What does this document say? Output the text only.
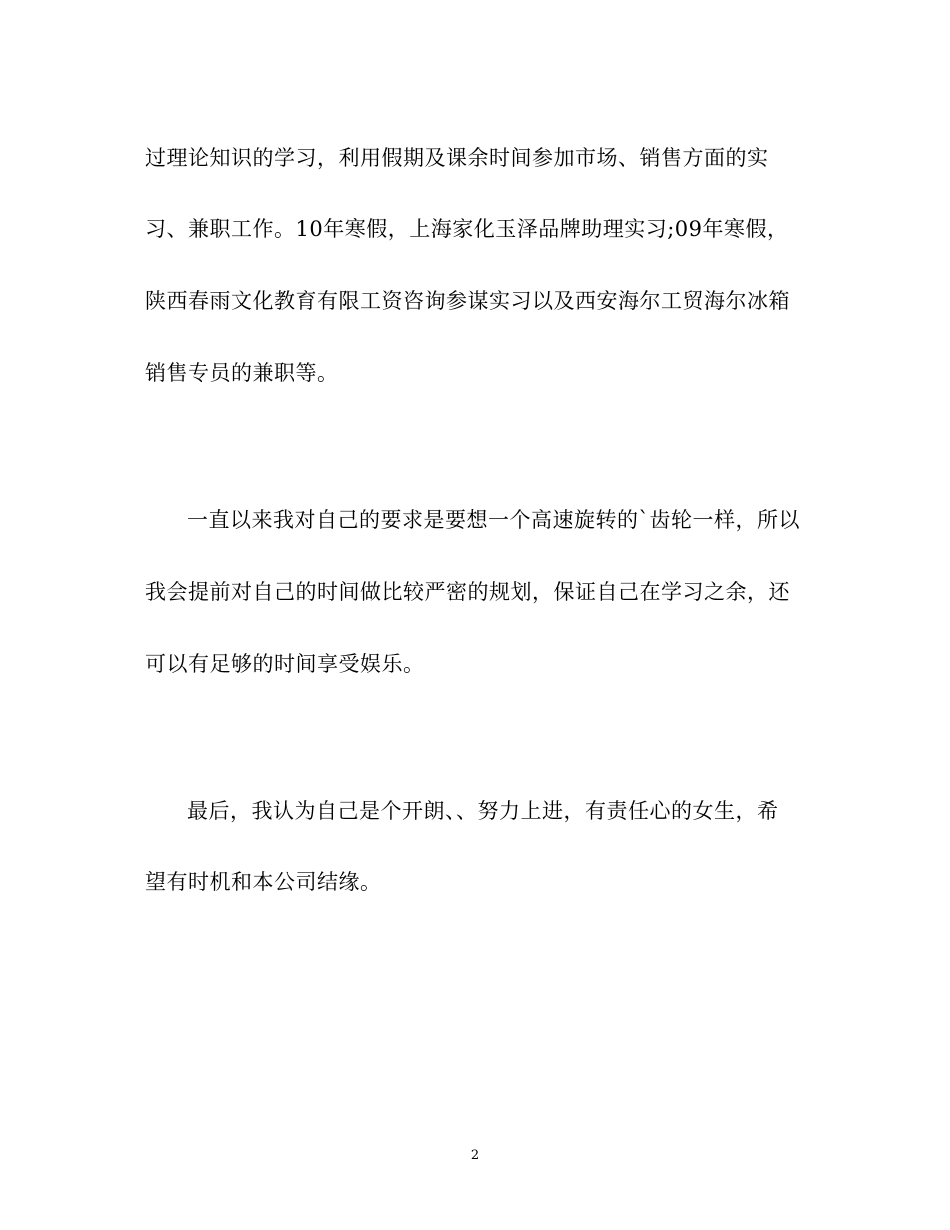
过理论知识的学习，利用假期及课余时间参加市场、销售方面的实
习、兼职工作。10年寒假，上海家化玉泽品牌助理实习;09年寒假，
陕西春雨文化教育有限工资咨询参谋实习以及西安海尔工贸海尔冰箱
销售专员的兼职等。
一直以来我对自己的要求是要想一个高速旋转的`齿轮一样，所以
我会提前对自己的时间做比较严密的规划，保证自己在学习之余，还
可以有足够的时间享受娱乐。
最后，我认为自己是个开朗、、努力上进，有责任心的女生，希
望有时机和本公司结缘。
2
